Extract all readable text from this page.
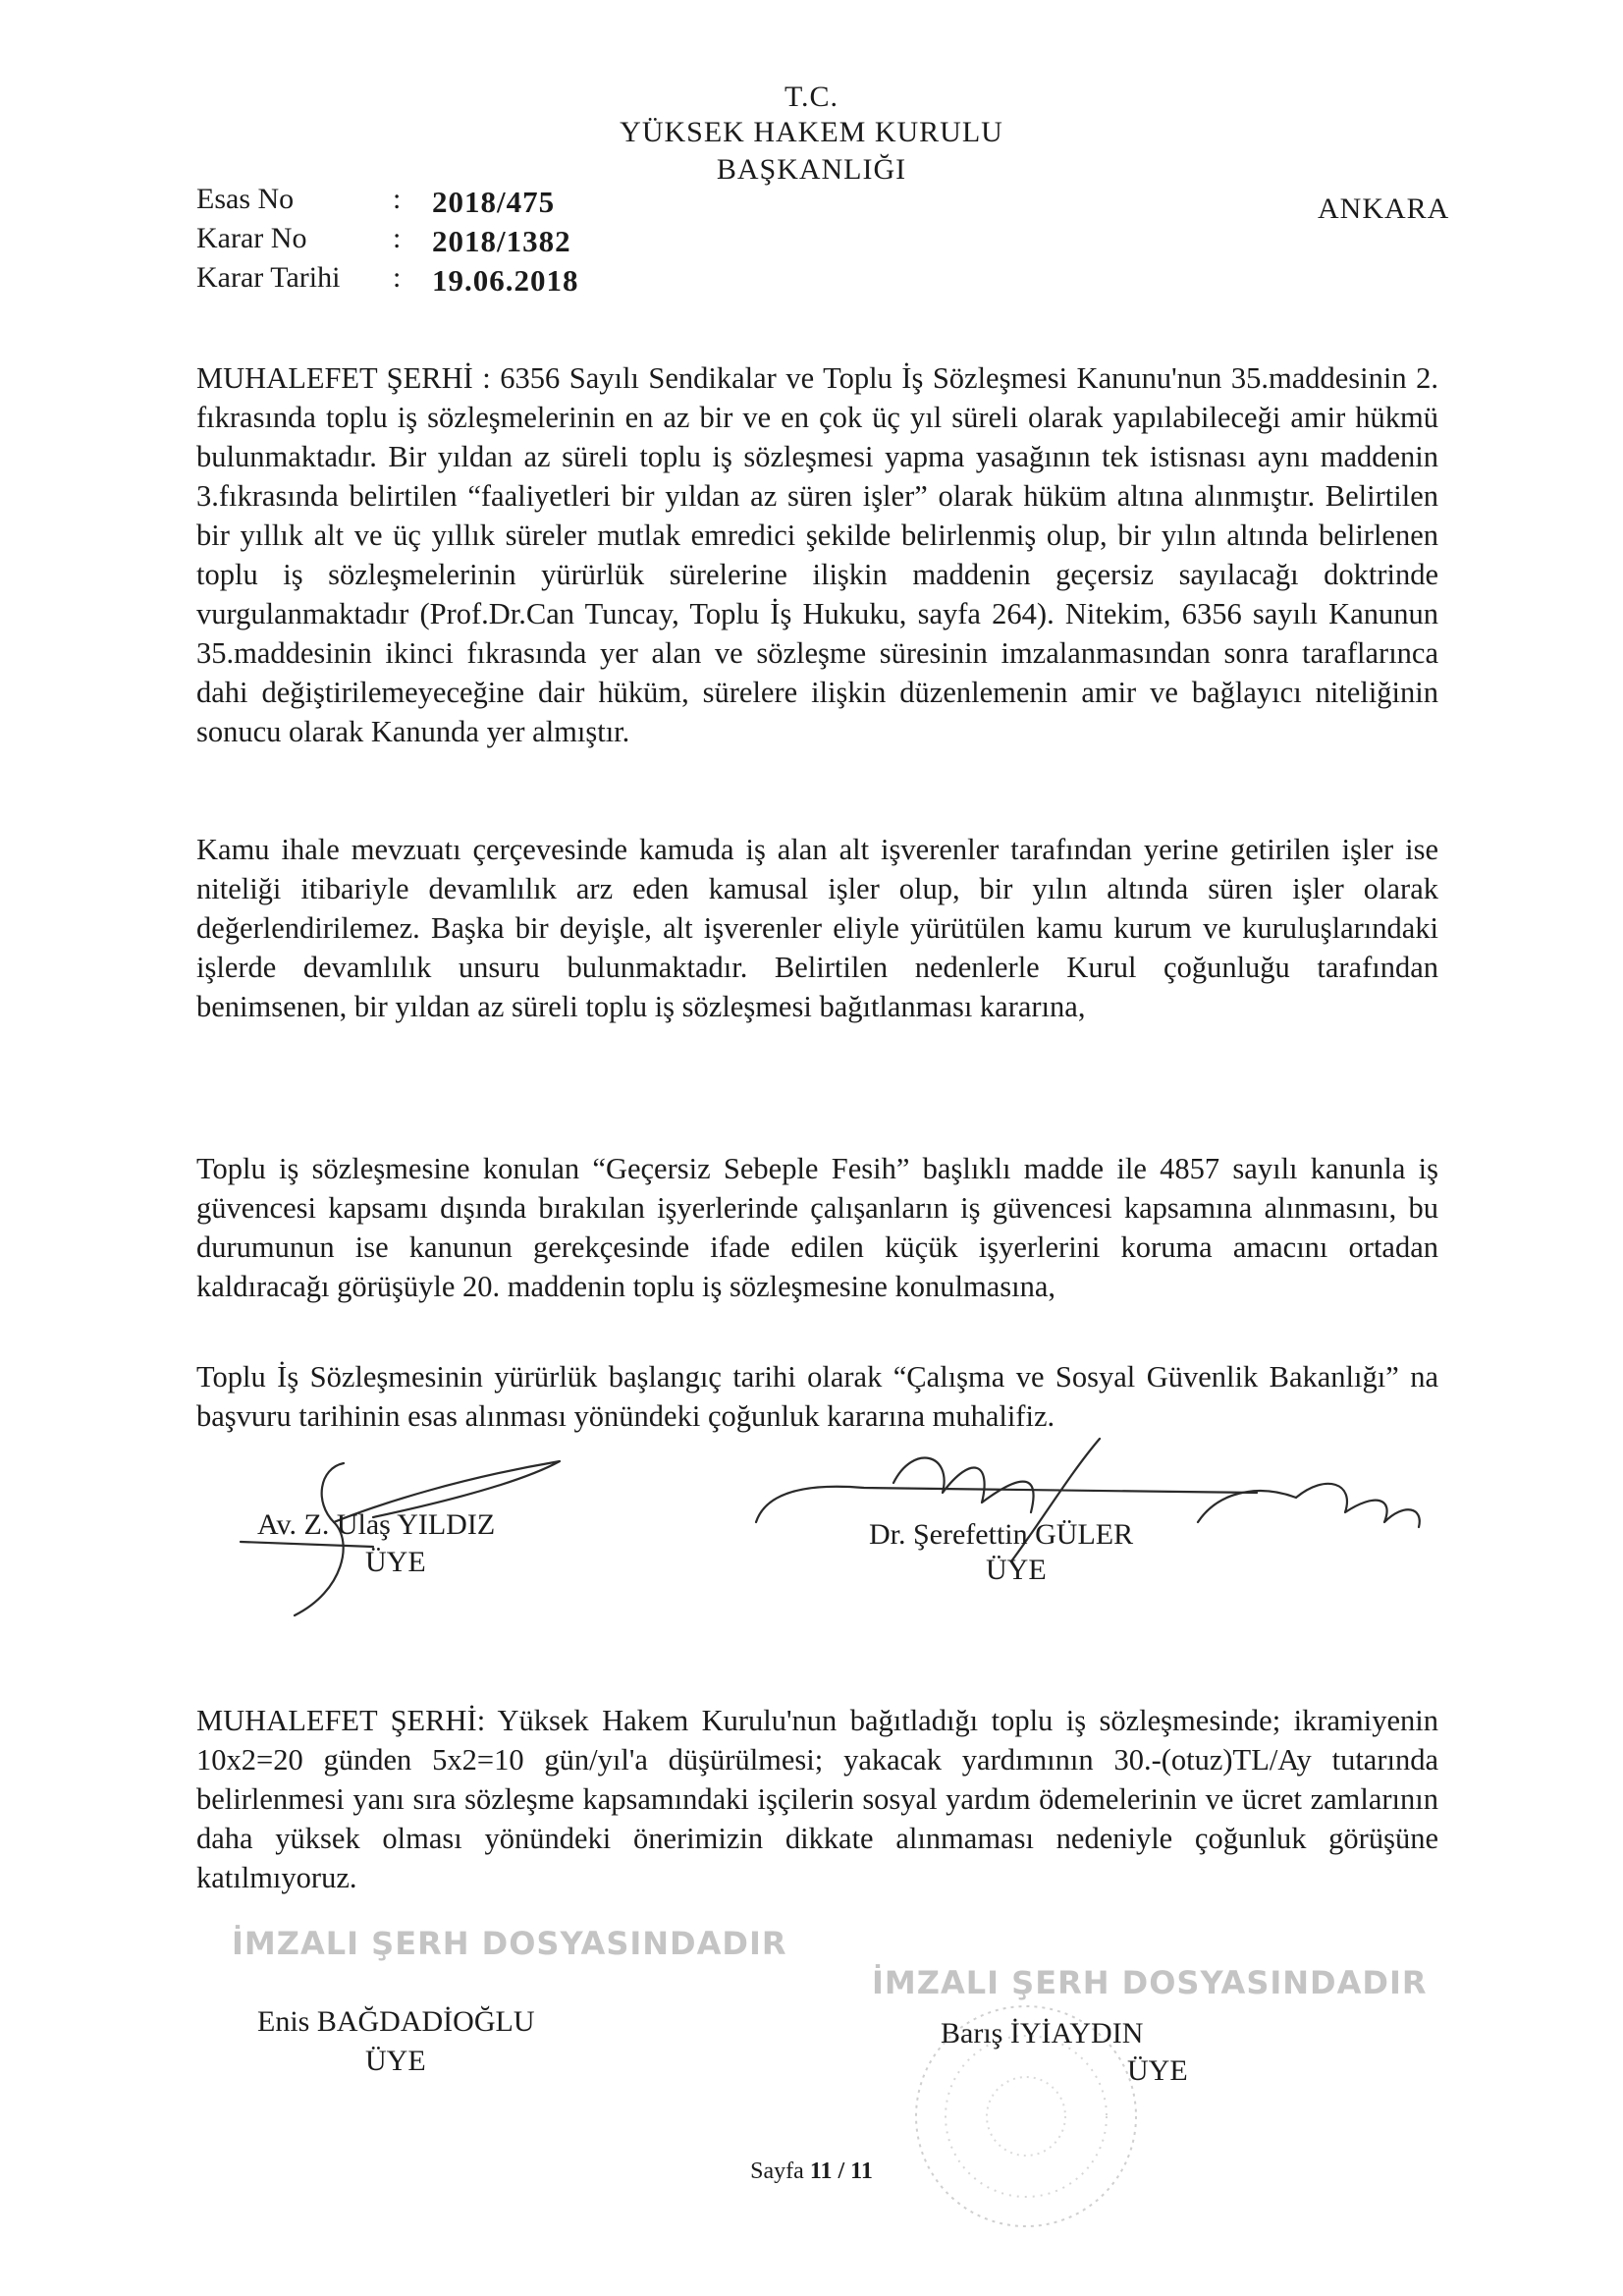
T.C.
YÜKSEK HAKEM KURULU
BAŞKANLIĞI
ANKARA
Esas No	: 2018/475
Karar No	: 2018/1382
Karar Tarihi : 19.06.2018

MUHALEFET ŞERHİ : 6356 Sayılı Sendikalar ve Toplu İş Sözleşmesi Kanunu'nun 35.maddesinin 2. fıkrasında toplu iş sözleşmelerinin en az bir ve en çok üç yıl süreli olarak yapılabileceği amir hükmü bulunmaktadır. Bir yıldan az süreli toplu iş sözleşmesi yapma yasağının tek istisnası aynı maddenin 3.fıkrasında belirtilen “faaliyetleri bir yıldan az süren işler” olarak hüküm altına alınmıştır. Belirtilen bir yıllık alt ve üç yıllık süreler mutlak emredici şekilde belirlenmiş olup, bir yılın altında belirlenen toplu iş sözleşmelerinin yürürlük sürelerine ilişkin maddenin geçersiz sayılacağı doktrinde vurgulanmaktadır (Prof.Dr.Can Tuncay, Toplu İş Hukuku, sayfa 264). Nitekim, 6356 sayılı Kanunun 35.maddesinin ikinci fıkrasında yer alan ve sözleşme süresinin imzalanmasından sonra taraflarınca dahi değiştirilemeyeceğine dair hüküm, sürelere ilişkin düzenlemenin amir ve bağlayıcı niteliğinin sonucu olarak Kanunda yer almıştır.

Kamu ihale mevzuatı çerçevesinde kamuda iş alan alt işverenler tarafından yerine getirilen işler ise niteliği itibariyle devamlılık arz eden kamusal işler olup, bir yılın altında süren işler olarak değerlendirilemez. Başka bir deyişle, alt işverenler eliyle yürütülen kamu kurum ve kuruluşlarındaki işlerde devamlılık unsuru bulunmaktadır. Belirtilen nedenlerle Kurul çoğunluğu tarafından benimsenen, bir yıldan az süreli toplu iş sözleşmesi bağıtlanması kararına,

Toplu iş sözleşmesine konulan “Geçersiz Sebeple Fesih” başlıklı madde ile 4857 sayılı kanunla iş güvencesi kapsamı dışında bırakılan işyerlerinde çalışanların iş güvencesi kapsamına alınmasını, bu durumunun ise kanunun gerekçesinde ifade edilen küçük işyerlerini koruma amacını ortadan kaldıracağı görüşüyle 20. maddenin toplu iş sözleşmesine konulmasına,

Toplu İş Sözleşmesinin yürürlük başlangıç tarihi olarak “Çalışma ve Sosyal Güvenlik Bakanlığı” na başvuru tarihinin esas alınması yönündeki çoğunluk kararına muhalifiz.

Av. Z. Ulaş YILDIZ
ÜYE
Dr. Şerefettin GÜLER
ÜYE

MUHALEFET ŞERHİ: Yüksek Hakem Kurulu'nun bağıtladığı toplu iş sözleşmesinde; ikramiyenin 10x2=20 günden 5x2=10 gün/yıl'a düşürülmesi; yakacak yardımının 30.-(otuz)TL/Ay tutarında belirlenmesi yanı sıra sözleşme kapsamındaki işçilerin sosyal yardım ödemelerinin ve ücret zamlarının daha yüksek olması yönündeki önerimizin dikkate alınmaması nedeniyle çoğunluk görüşüne katılmıyoruz.

İMZALI ŞERH DOSYASINDADIR
Enis BAĞDADİOĞLU
ÜYE
İMZALI ŞERH DOSYASINDADIR
Barış İYİAYDIN
ÜYE
Sayfa 11 / 11
